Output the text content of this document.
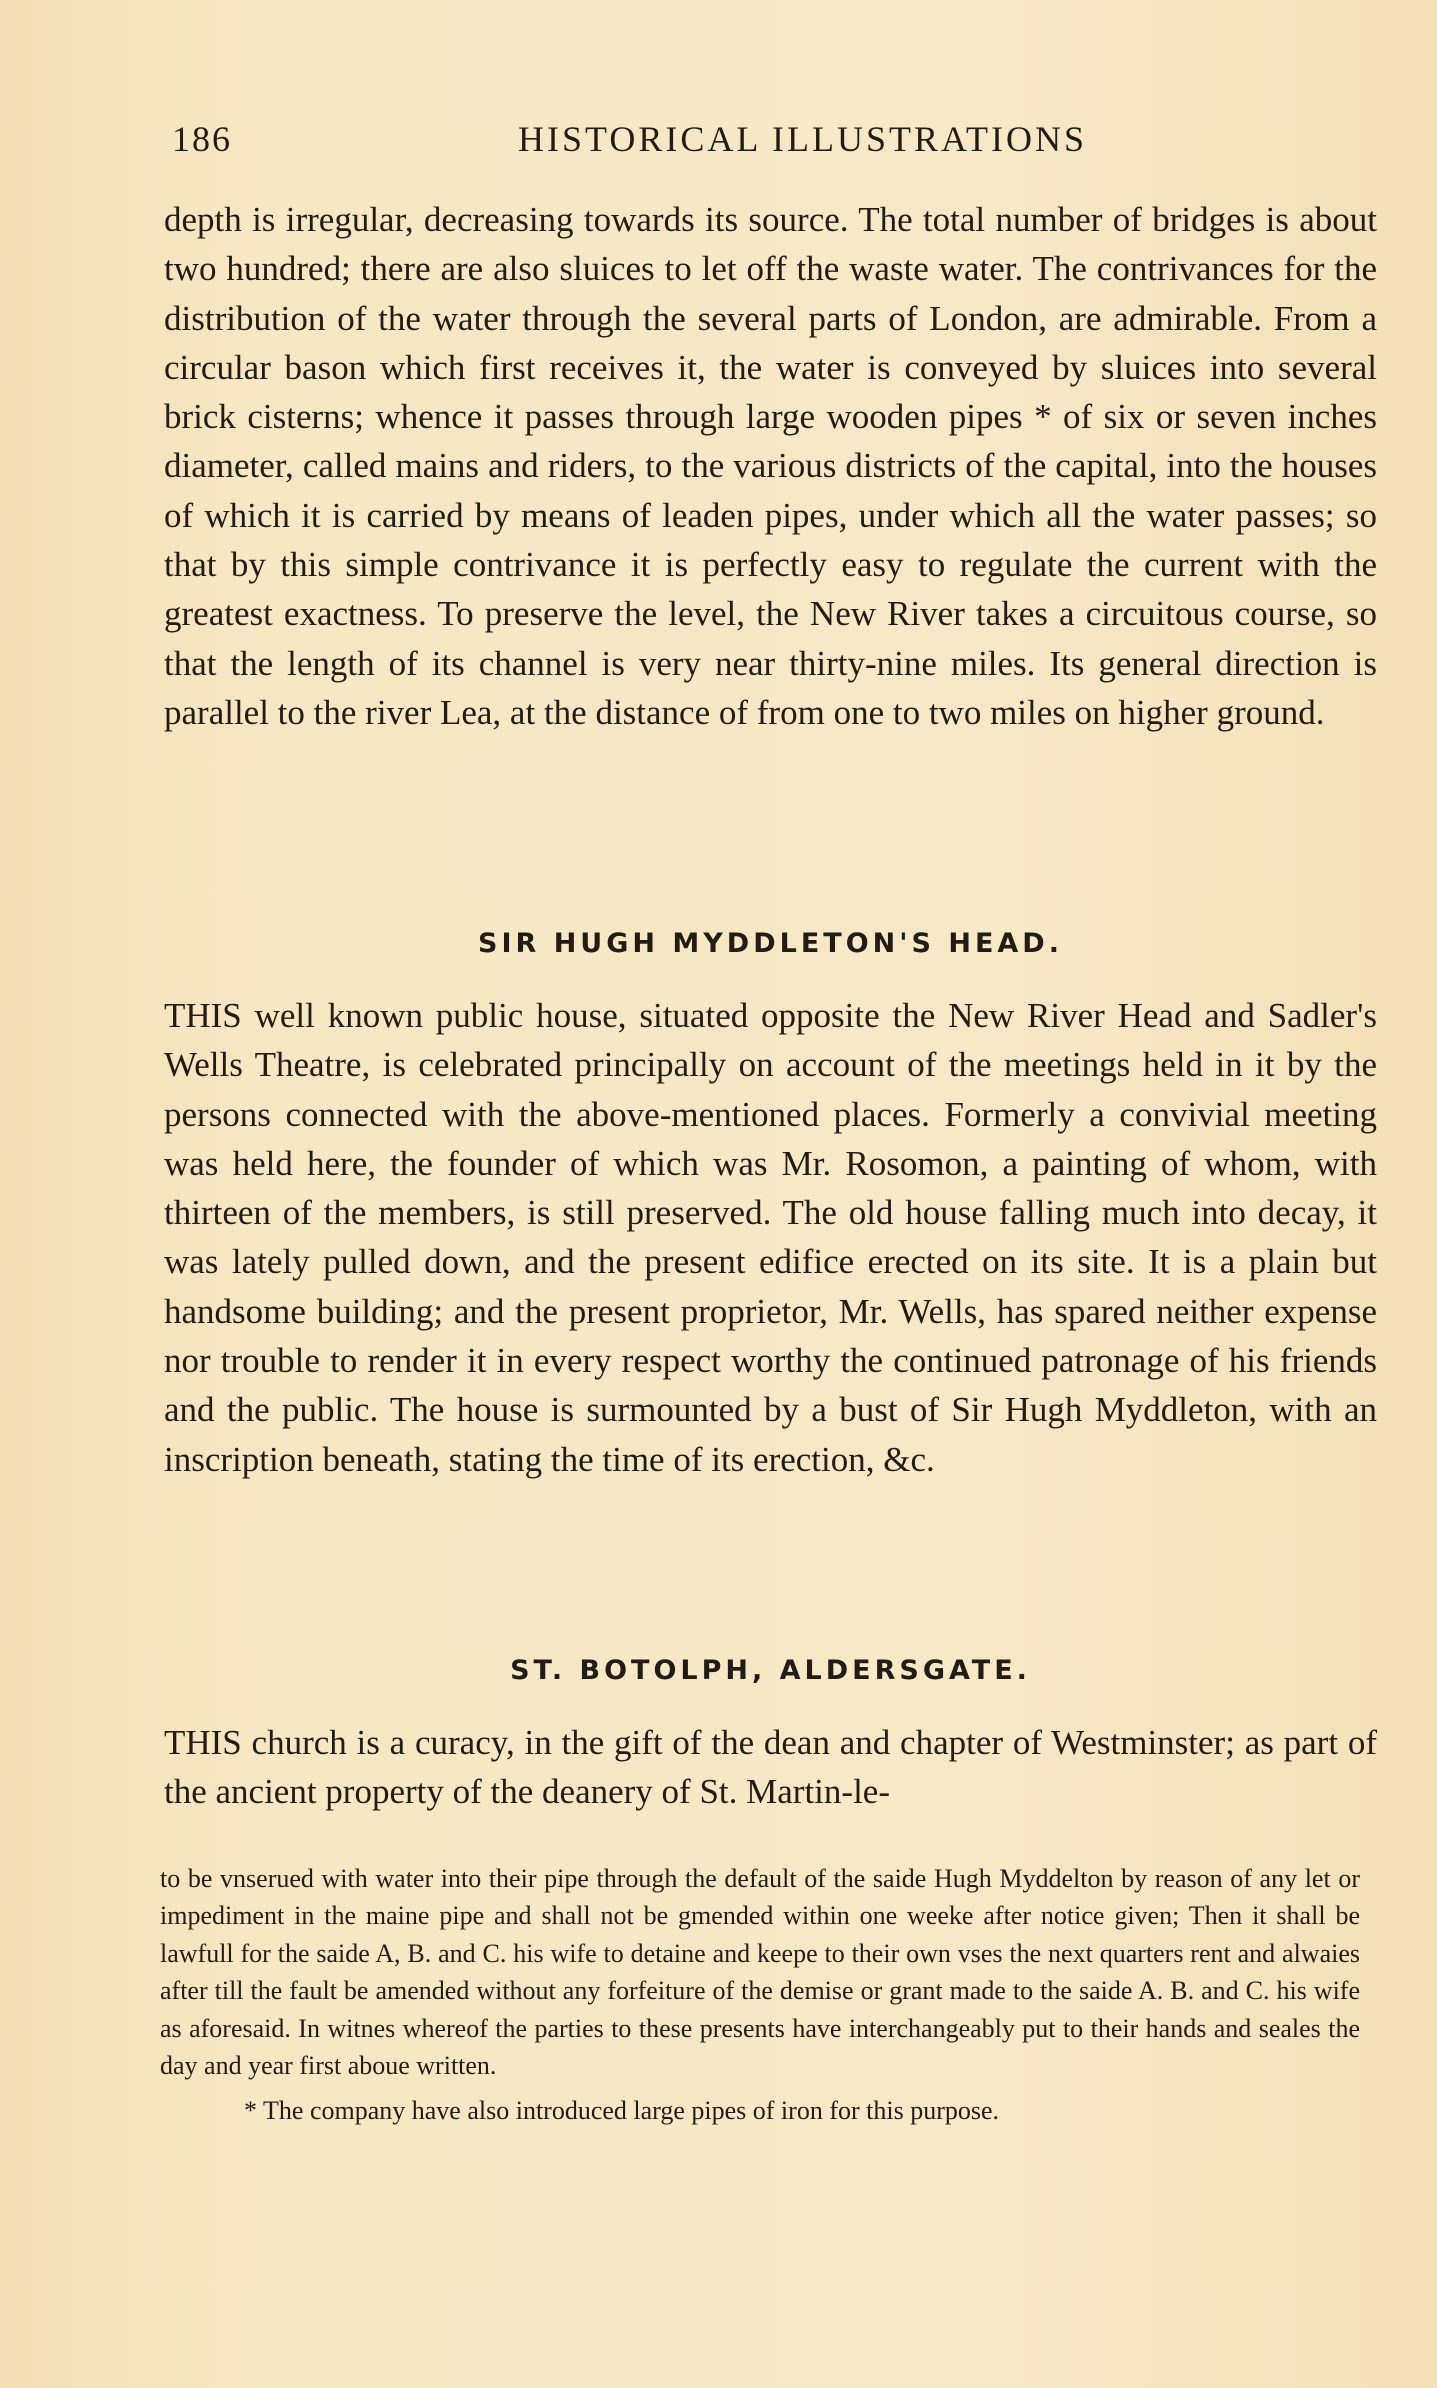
186	HISTORICAL ILLUSTRATIONS

depth is irregular, decreasing towards its source. The total number of bridges is about two hundred; there are also sluices to let off the waste water. The contrivances for the distribution of the water through the several parts of London, are admirable. From a circular bason which first receives it, the water is conveyed by sluices into several brick cisterns; whence it passes through large wooden pipes * of six or seven inches diameter, called mains and riders, to the various districts of the capital, into the houses of which it is carried by means of leaden pipes, under which all the water passes; so that by this simple contrivance it is perfectly easy to regulate the current with the greatest exactness. To preserve the level, the New River takes a circuitous course, so that the length of its channel is very near thirty-nine miles. Its general direction is parallel to the river Lea, at the distance of from one to two miles on higher ground.

SIR HUGH MYDDLETON'S HEAD.

THIS well known public house, situated opposite the New River Head and Sadler's Wells Theatre, is celebrated principally on account of the meetings held in it by the persons connected with the above-mentioned places. Formerly a convivial meeting was held here, the founder of which was Mr. Rosomon, a painting of whom, with thirteen of the members, is still preserved. The old house falling much into decay, it was lately pulled down, and the present edifice erected on its site. It is a plain but handsome building; and the present proprietor, Mr. Wells, has spared neither expense nor trouble to render it in every respect worthy the continued patronage of his friends and the public. The house is surmounted by a bust of Sir Hugh Myddleton, with an inscription beneath, stating the time of its erection, &c.

ST. BOTOLPH, ALDERSGATE.

THIS church is a curacy, in the gift of the dean and chapter of Westminster; as part of the ancient property of the deanery of St. Martin-le-

to be vnserued with water into their pipe through the default of the saide Hugh Myddelton by reason of any let or impediment in the maine pipe and shall not be gmended within one weeke after notice given; Then it shall be lawfull for the saide A, B. and C. his wife to detaine and keepe to their own vses the next quarters rent and alwaies after till the fault be amended without any forfeiture of the demise or grant made to the saide A. B. and C. his wife as aforesaid. In witnes whereof the parties to these presents have interchangeably put to their hands and seales the day and year first aboue written.

* The company have also introduced large pipes of iron for this purpose.
